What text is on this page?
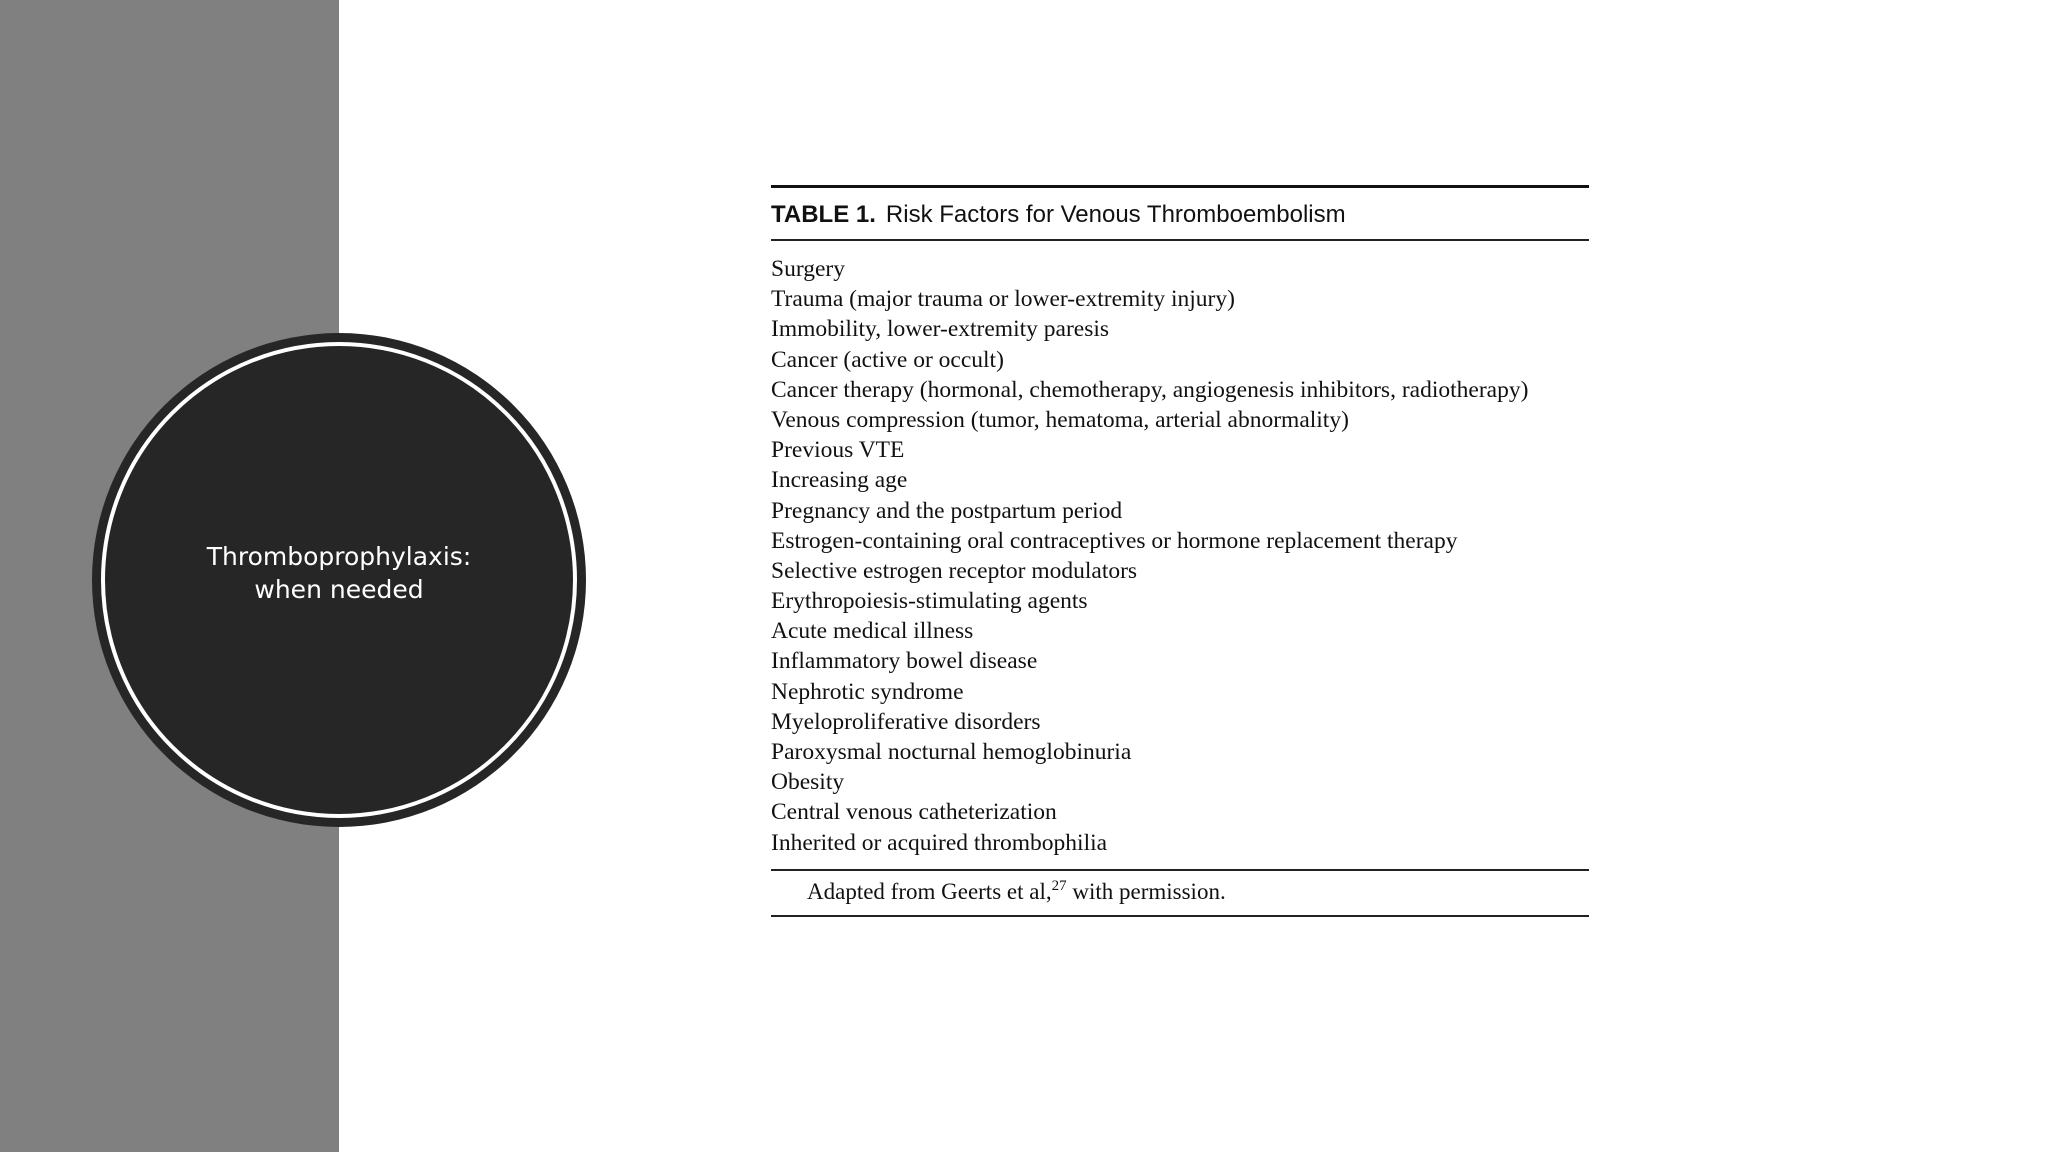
Thromboprophylaxis:
when needed
TABLE 1. Risk Factors for Venous Thromboembolism
Surgery
Trauma (major trauma or lower-extremity injury)
Immobility, lower-extremity paresis
Cancer (active or occult)
Cancer therapy (hormonal, chemotherapy, angiogenesis inhibitors, radiotherapy)
Venous compression (tumor, hematoma, arterial abnormality)
Previous VTE
Increasing age
Pregnancy and the postpartum period
Estrogen-containing oral contraceptives or hormone replacement therapy
Selective estrogen receptor modulators
Erythropoiesis-stimulating agents
Acute medical illness
Inflammatory bowel disease
Nephrotic syndrome
Myeloproliferative disorders
Paroxysmal nocturnal hemoglobinuria
Obesity
Central venous catheterization
Inherited or acquired thrombophilia
Adapted from Geerts et al,$^{27}$ with permission.
